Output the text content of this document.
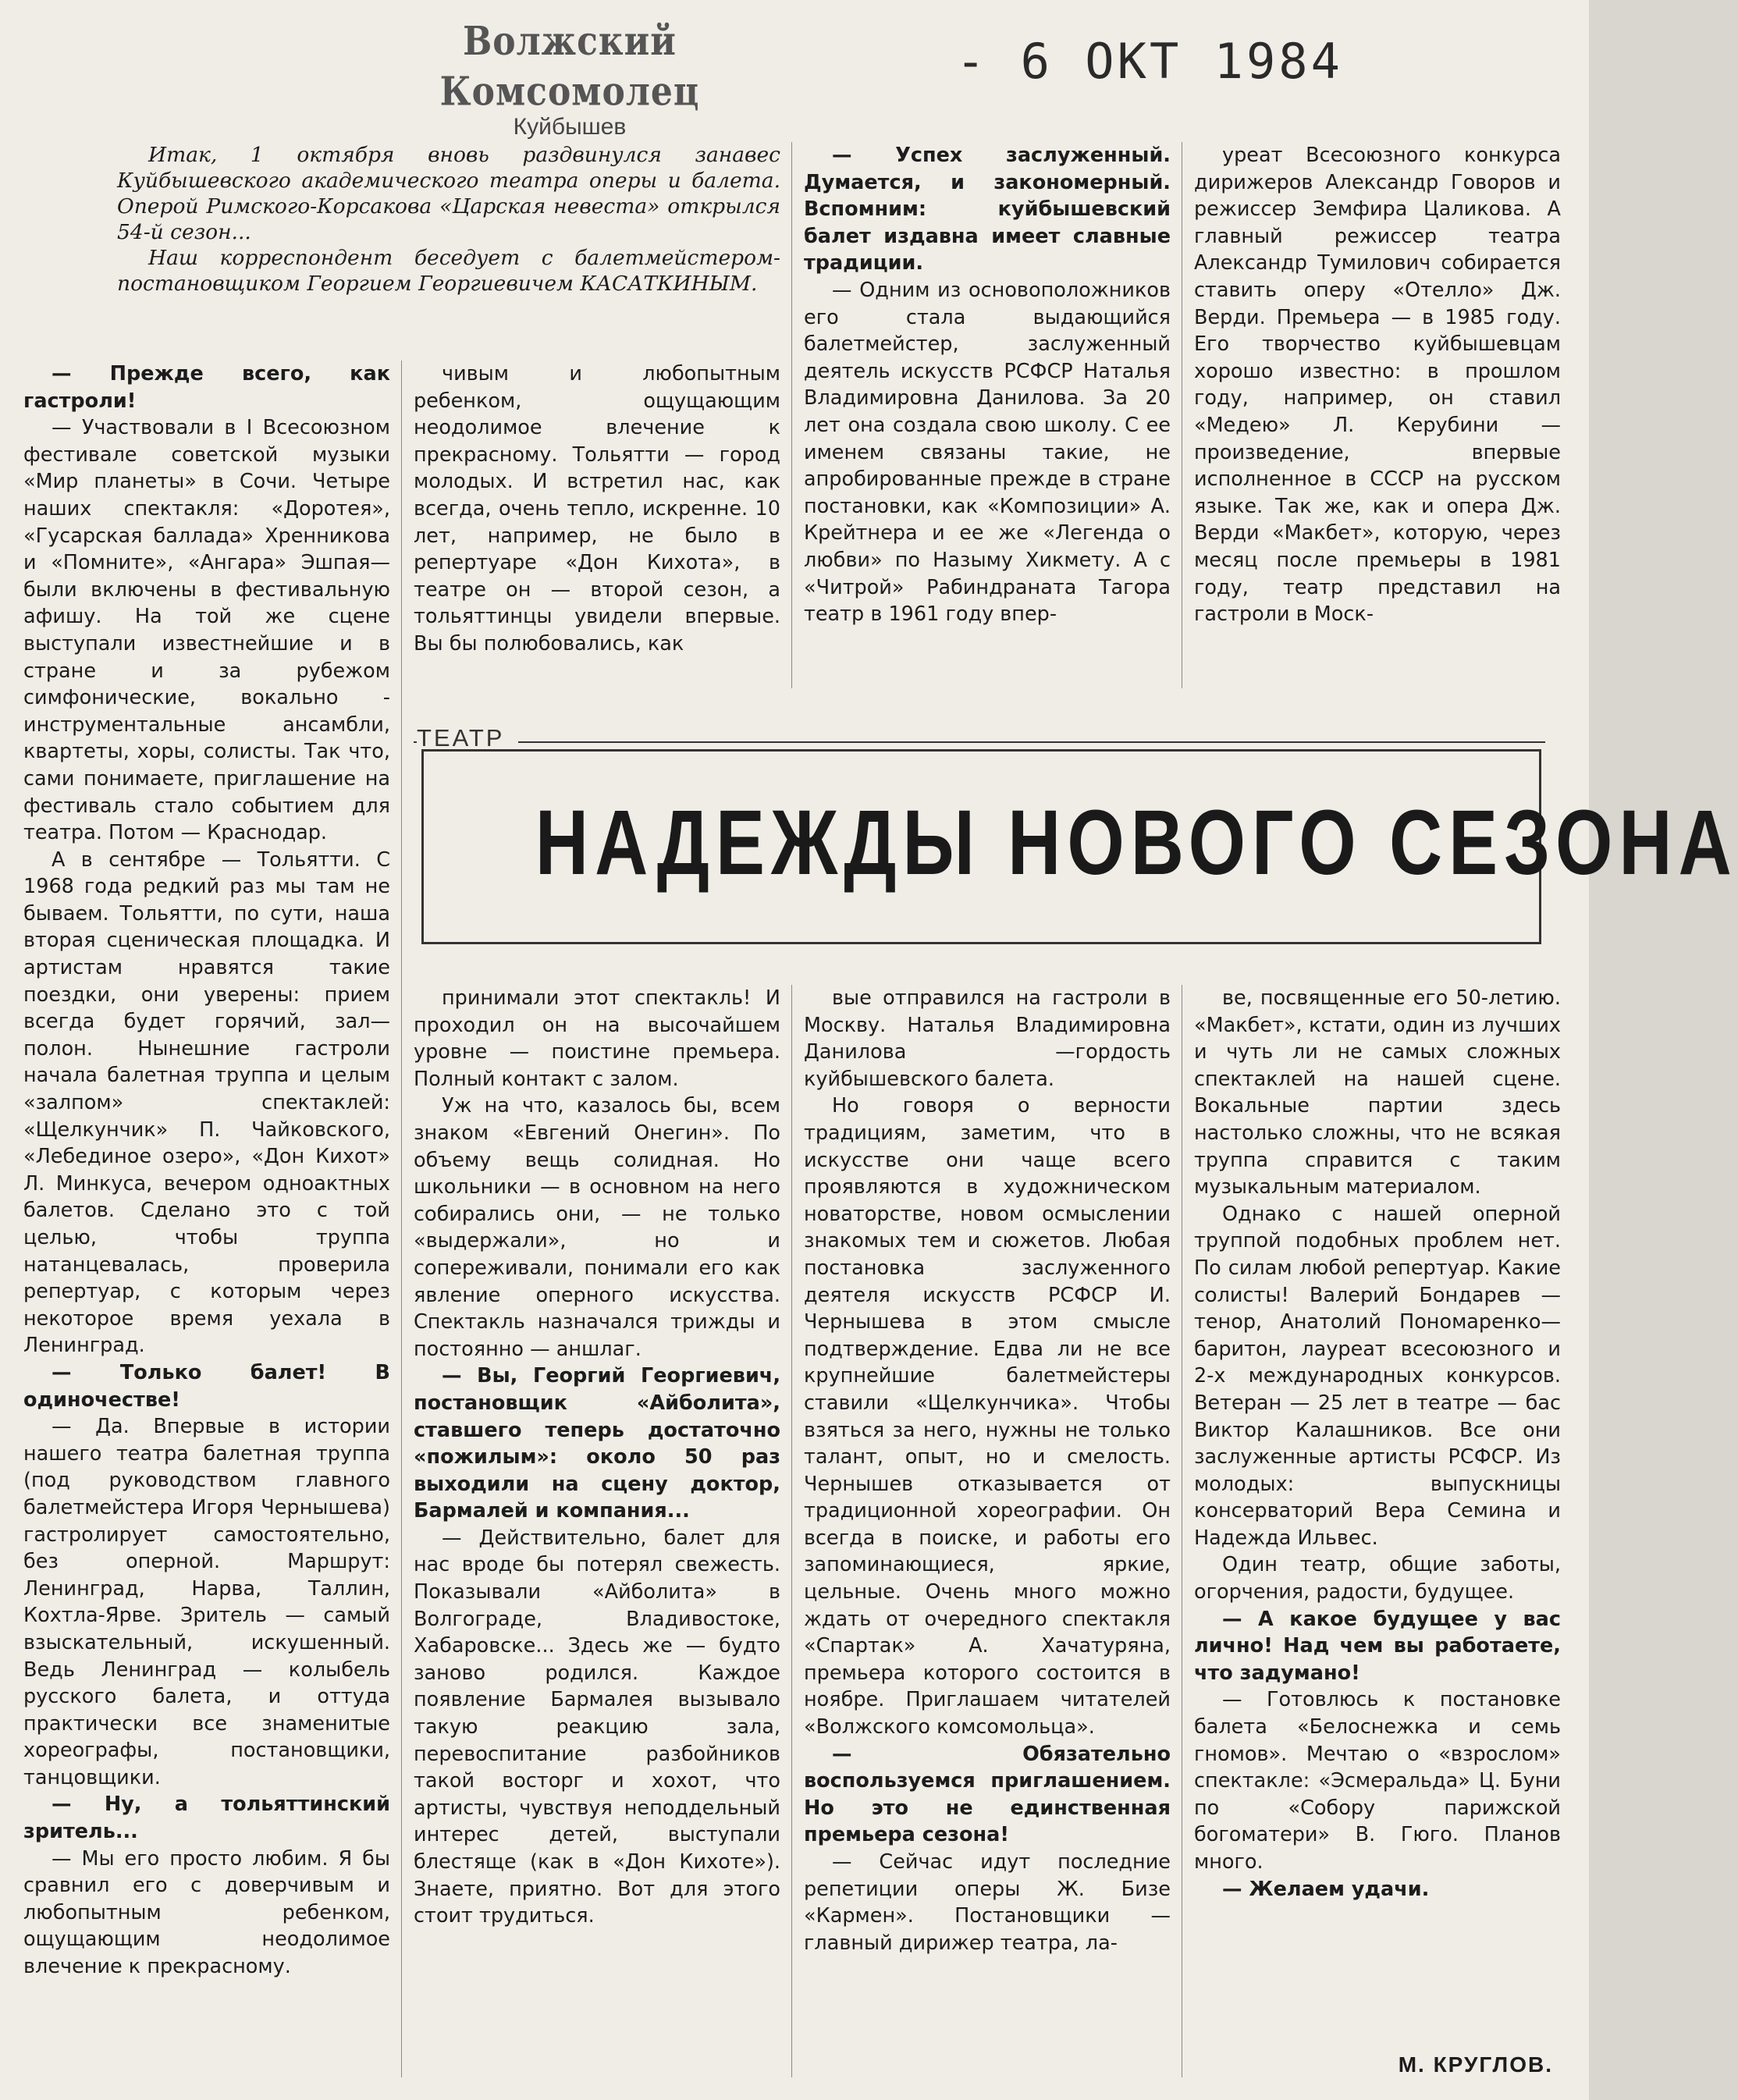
Волжский Комсомолец
Куйбышев
- 6 ОКТ 1984

Итак, 1 октября вновь раздвинулся занавес Куйбышевского академического театра оперы и балета. Оперой Римского-Корсакова «Царская невеста» открылся 54-й сезон...

Наш корреспондент беседует с балетмейстером-постановщиком Георгием Георгиевичем КАСАТКИНЫМ.

— Прежде всего, как гастроли!

— Участвовали в I Всесоюзном фестивале советской музыки «Мир планеты» в Сочи. Четыре наших спектакля: «Доротея», «Гусарская баллада» Хренникова и «Помните», «Ангара» Эшпая—были включены в фестивальную афишу. На той же сцене выступали известнейшие и в стране и за рубежом симфонические, вокально - инструментальные ансамбли, квартеты, хоры, солисты. Так что, сами понимаете, приглашение на фестиваль стало событием для театра. Потом — Краснодар.

А в сентябре — Тольятти. С 1968 года редкий раз мы там не бываем. Тольятти, по сути, наша вторая сценическая площадка. И артистам нравятся такие поездки, они уверены: прием всегда будет горячий, зал— полон. Нынешние гастроли начала балетная труппа и целым «залпом» спектаклей: «Щелкунчик» П. Чайковского, «Лебединое озеро», «Дон Кихот» Л. Минкуса, вечером одноактных балетов. Сделано это с той целью, чтобы труппа натанцевалась, проверила репертуар, с которым через некоторое время уехала в Ленинград.

— Только балет! В одиночестве!

— Да. Впервые в истории нашего театра балетная труппа (под руководством главного балетмейстера Игоря Чернышева) гастролирует самостоятельно, без оперной. Маршрут: Ленинград, Нарва, Таллин, Кохтла-Ярве. Зритель — самый взыскательный, искушенный. Ведь Ленинград — колыбель русского балета, и оттуда практически все знаменитые хореографы, постановщики, танцовщики.

— Ну, а тольяттинский зритель...

— Мы его просто любим. Я бы сравнил его с доверчивым и любопытным ребенком, ощущающим неодолимое влечение к прекрасному.

чивым и любопытным ребенком, ощущающим неодолимое влечение к прекрасному. Тольятти — город молодых. И встретил нас, как всегда, очень тепло, искренне. 10 лет, например, не было в репертуаре «Дон Кихота», в театре он — второй сезон, а тольяттинцы увидели впервые. Вы бы полюбовались, как

принимали этот спектакль! И проходил он на высочайшем уровне — поистине премьера. Полный контакт с залом.

Уж на что, казалось бы, всем знаком «Евгений Онегин». По объему вещь солидная. Но школьники — в основном на него собирались они, — не только «выдержали», но и сопереживали, понимали его как явление оперного искусства. Спектакль назначался трижды и постоянно — аншлаг.

— Вы, Георгий Георгиевич, постановщик «Айболита», ставшего теперь достаточно «пожилым»: около 50 раз выходили на сцену доктор, Бармалей и компания...

— Действительно, балет для нас вроде бы потерял свежесть. Показывали «Айболита» в Волгограде, Владивостоке, Хабаровске... Здесь же — будто заново родился. Каждое появление Бармалея вызывало такую реакцию зала, перевоспитание разбойников такой восторг и хохот, что артисты, чувствуя неподдельный интерес детей, выступали блестяще (как в «Дон Кихоте»). Знаете, приятно. Вот для этого стоит трудиться.

— Успех заслуженный. Думается, и закономерный. Вспомним: куйбышевский балет издавна имеет славные традиции.

— Одним из основоположников его стала выдающийся балетмейстер, заслуженный деятель искусств РСФСР Наталья Владимировна Данилова. За 20 лет она создала свою школу. С ее именем связаны такие, не апробированные прежде в стране постановки, как «Композиции» А. Крейтнера и ее же «Легенда о любви» по Назыму Хикмету. А с «Читрой» Рабиндраната Тагора театр в 1961 году впер-

вые отправился на гастроли в Москву. Наталья Владимировна Данилова —гордость куйбышевского балета.

Но говоря о верности традициям, заметим, что в искусстве они чаще всего проявляются в художническом новаторстве, новом осмыслении знакомых тем и сюжетов. Любая постановка заслуженного деятеля искусств РСФСР И. Чернышева в этом смысле подтверждение. Едва ли не все крупнейшие балетмейстеры ставили «Щелкунчика». Чтобы взяться за него, нужны не только талант, опыт, но и смелость. Чернышев отказывается от традиционной хореографии. Он всегда в поиске, и работы его запоминающиеся, яркие, цельные. Очень много можно ждать от очередного спектакля «Спартак» А. Хачатуряна, премьера которого состоится в ноябре. Приглашаем читателей «Волжского комсомольца».

— Обязательно воспользуемся приглашением. Но это не единственная премьера сезона!

— Сейчас идут последние репетиции оперы Ж. Бизе «Кармен». Постановщики — главный дирижер театра, ла-

уреат Всесоюзного конкурса дирижеров Александр Говоров и режиссер Земфира Цаликова. А главный режиссер театра Александр Тумилович собирается ставить оперу «Отелло» Дж. Верди. Премьера — в 1985 году. Его творчество куйбышевцам хорошо известно: в прошлом году, например, он ставил «Медею» Л. Керубини — произведение, впервые исполненное в СССР на русском языке. Так же, как и опера Дж. Верди «Макбет», которую, через месяц после премьеры в 1981 году, театр представил на гастроли в Моск-

ве, посвященные его 50-летию. «Макбет», кстати, один из лучших и чуть ли не самых сложных спектаклей на нашей сцене. Вокальные партии здесь настолько сложны, что не всякая труппа справится с таким музыкальным материалом.

Однако с нашей оперной труппой подобных проблем нет. По силам любой репертуар. Какие солисты! Валерий Бондарев — тенор, Анатолий Пономаренко—баритон, лауреат всесоюзного и 2-х международных конкурсов. Ветеран — 25 лет в театре — бас Виктор Калашников. Все они заслуженные артисты РСФСР. Из молодых: выпускницы консерваторий Вера Семина и Надежда Ильвес.

Один театр, общие заботы, огорчения, радости, будущее.

— А какое будущее у вас лично! Над чем вы работаете, что задумано!

— Готовлюсь к постановке балета «Белоснежка и семь гномов». Мечтаю о «взрослом» спектакле: «Эсмеральда» Ц. Буни по «Собору парижской богоматери» В. Гюго. Планов много.

— Желаем удачи.

ТЕАТР
НАДЕЖДЫ НОВОГО СЕЗОНА
М. КРУГЛОВ.
